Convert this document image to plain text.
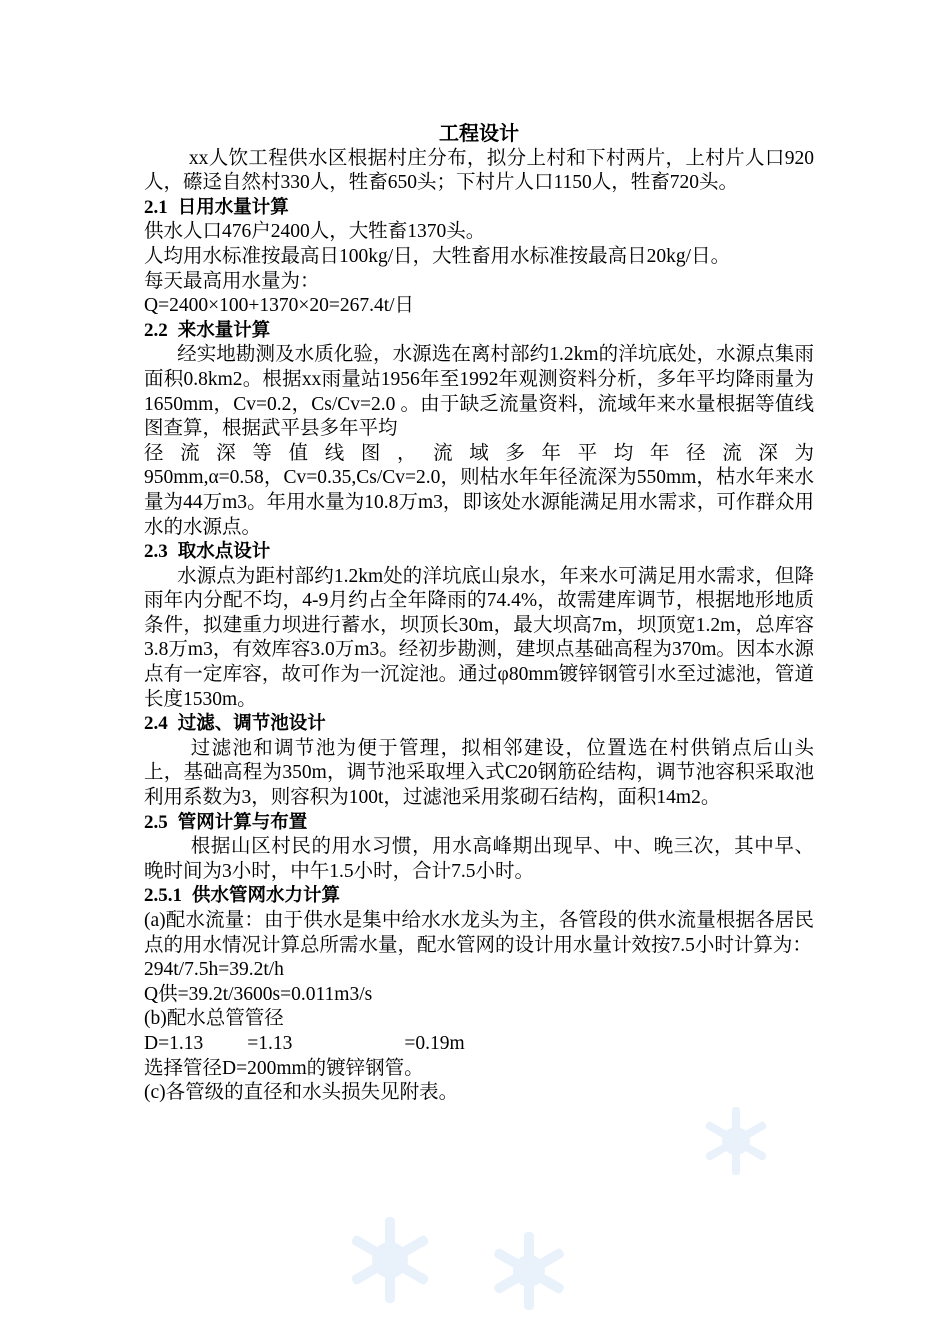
工程设计

xx人饮工程供水区根据村庄分布，拟分上村和下村两片，上村片人口920人，礤迳自然村330人，牲畜650头；下村片人口1150人，牲畜720头。

2.1 日用水量计算

供水人口476户2400人，大牲畜1370头。

人均用水标准按最高日100kg/日，大牲畜用水标准按最高日20kg/日。

每天最高用水量为：

Q=2400×100+1370×20=267.4t/日

2.2 来水量计算

经实地勘测及水质化验，水源选在离村部约1.2km的洋坑底处，水源点集雨面积0.8km2。根据xx雨量站1956年至1992年观测资料分析，多年平均降雨量为1650mm，Cv=0.2，Cs/Cv=2.0 。由于缺乏流量资料，流域年来水量根据等值线图查算，根据武平县多年平均

径流深等值线图，流域多年平均年径流深为

950mm,α=0.58，Cv=0.35,Cs/Cv=2.0，则枯水年年径流深为550mm，枯水年来水量为44万m3。年用水量为10.8万m3，即该处水源能满足用水需求，可作群众用水的水源点。

2.3 取水点设计

水源点为距村部约1.2km处的洋坑底山泉水，年来水可满足用水需求，但降雨年内分配不均，4-9月约占全年降雨的74.4%，故需建库调节，根据地形地质条件，拟建重力坝进行蓄水，坝顶长30m，最大坝高7m，坝顶宽1.2m，总库容3.8万m3，有效库容3.0万m3。经初步勘测，建坝点基础高程为370m。因本水源点有一定库容，故可作为一沉淀池。通过φ80mm镀锌钢管引水至过滤池，管道长度1530m。

2.4 过滤、调节池设计

过滤池和调节池为便于管理，拟相邻建设，位置选在村供销点后山头上，基础高程为350m，调节池采取埋入式C20钢筋砼结构，调节池容积采取池利用系数为3，则容积为100t，过滤池采用浆砌石结构，面积14m2。

2.5 管网计算与布置

根据山区村民的用水习惯，用水高峰期出现早、中、晚三次，其中早、晚时间为3小时，中午1.5小时，合计7.5小时。

2.5.1 供水管网水力计算

(a)配水流量：由于供水是集中给水水龙头为主，各管段的供水流量根据各居民点的用水情况计算总所需水量，配水管网的设计用水量计效按7.5小时计算为：

294t/7.5h=39.2t/h

Q供=39.2t/3600s=0.011m3/s

(b)配水总管管径

D=1.13 =1.13	=0.19m

选择管径D=200mm的镀锌钢管。

(c)各管级的直径和水头损失见附表。
